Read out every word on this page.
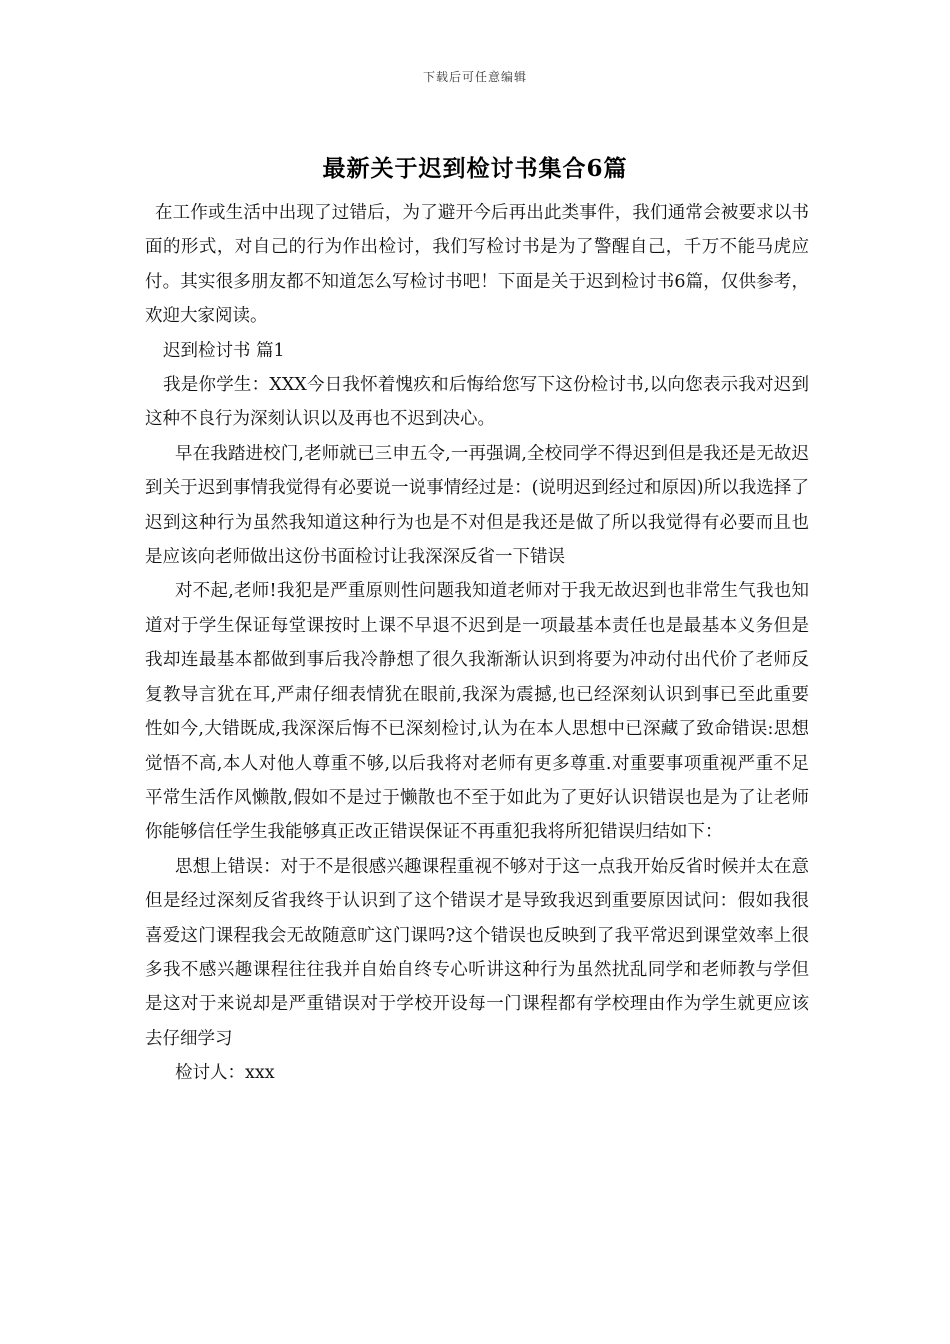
下载后可任意编辑
最新关于迟到检讨书集合6篇

在工作或生活中出现了过错后，为了避开今后再出此类事件，我们通常会被要求以书面的形式，对自己的行为作出检讨，我们写检讨书是为了警醒自己，千万不能马虎应付。其实很多朋友都不知道怎么写检讨书吧！下面是关于迟到检讨书6篇，仅供参考，欢迎大家阅读。

迟到检讨书 篇1

我是你学生：XXX今日我怀着愧疚和后悔给您写下这份检讨书,以向您表示我对迟到这种不良行为深刻认识以及再也不迟到决心。

早在我踏进校门,老师就已三申五令,一再强调,全校同学不得迟到但是我还是无故迟到关于迟到事情我觉得有必要说一说事情经过是：(说明迟到经过和原因)所以我选择了迟到这种行为虽然我知道这种行为也是不对但是我还是做了所以我觉得有必要而且也是应该向老师做出这份书面检讨让我深深反省一下错误

对不起,老师!我犯是严重原则性问题我知道老师对于我无故迟到也非常生气我也知道对于学生保证每堂课按时上课不早退不迟到是一项最基本责任也是最基本义务但是我却连最基本都做到事后我冷静想了很久我渐渐认识到将要为冲动付出代价了老师反复教导言犹在耳,严肃仔细表情犹在眼前,我深为震撼,也已经深刻认识到事已至此重要性如今,大错既成,我深深后悔不已深刻检讨,认为在本人思想中已深藏了致命错误:思想觉悟不高,本人对他人尊重不够,以后我将对老师有更多尊重.对重要事项重视严重不足平常生活作风懒散,假如不是过于懒散也不至于如此为了更好认识错误也是为了让老师你能够信任学生我能够真正改正错误保证不再重犯我将所犯错误归结如下：

思想上错误：对于不是很感兴趣课程重视不够对于这一点我开始反省时候并太在意但是经过深刻反省我终于认识到了这个错误才是导致我迟到重要原因试问：假如我很喜爱这门课程我会无故随意旷这门课吗?这个错误也反映到了我平常迟到课堂效率上很多我不感兴趣课程往往我并自始自终专心听讲这种行为虽然扰乱同学和老师教与学但是这对于来说却是严重错误对于学校开设每一门课程都有学校理由作为学生就更应该去仔细学习

检讨人：xxx
